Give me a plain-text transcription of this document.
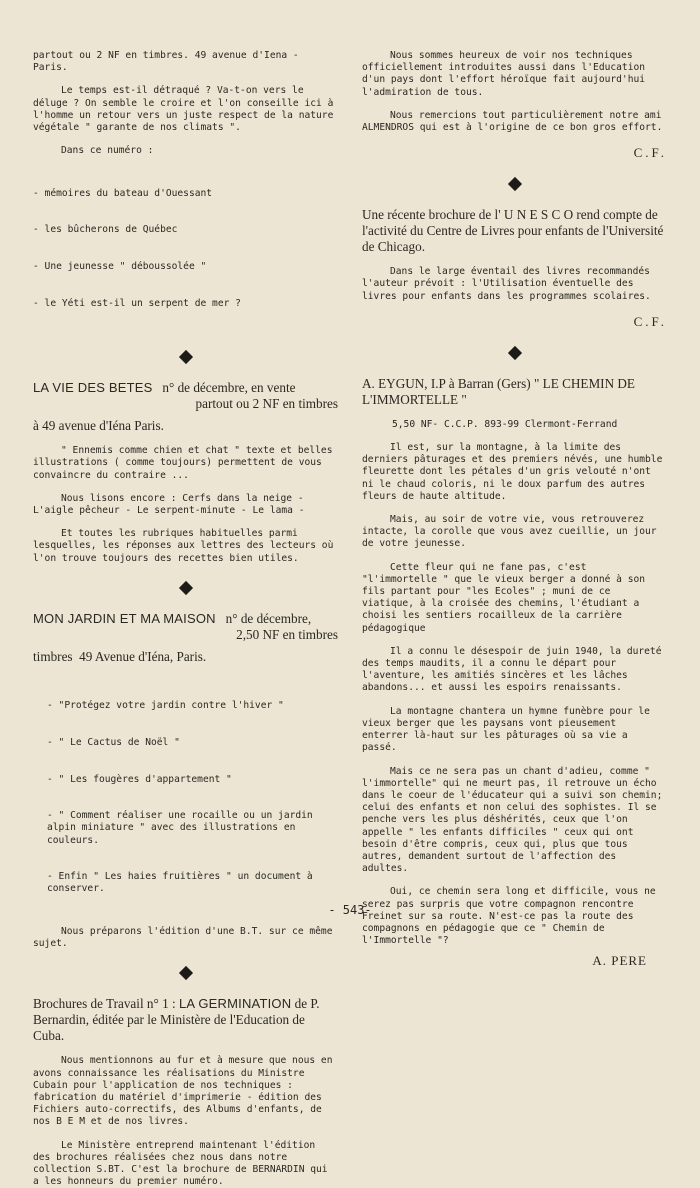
partout ou 2 NF en timbres. 49 avenue d'Iena -

Paris.

Le temps est-il détraqué ? Va-t-on vers le déluge ? On semble le croire et l'on conseille ici à l'homme un retour vers un juste respect de la nature végétale " garante de nos climats ".

Dans ce numéro :

- mémoires du bateau d'Ouessant

- les bûcherons de Québec

- Une jeunesse " déboussolée "

- le Yéti est-il un serpent de mer ?

LA VIE DES BETES n° de décembre, en vente

partout ou 2 NF en timbres

à 49 avenue d'Iéna Paris.

" Ennemis comme chien et chat " texte et belles illustrations ( comme toujours) permettent de vous convaincre du contraire ...

Nous lisons encore : Cerfs dans la neige - L'aigle pêcheur - Le serpent-minute - Le lama -

Et toutes les rubriques habituelles parmi lesquelles, les réponses aux lettres des lecteurs où l'on trouve toujours des recettes bien utiles.

MON JARDIN ET MA MAISON n° de décembre,

2,50 NF en timbres

timbres  49 Avenue d'Iéna, Paris.

- "Protégez votre jardin contre l'hiver "

- " Le Cactus de Noël "

- " Les fougères d'appartement "

- " Comment réaliser une rocaille ou un jardin alpin miniature " avec des illustrations en couleurs.

- Enfin " Les haies fruitières " un document à conserver.

Nous préparons l'édition d'une B.T. sur ce même sujet.

Brochures de Travail n° 1 : LA GERMINATION de P. Bernardin, éditée par le Ministère de l'Education de Cuba.

Nous mentionnons au fur et à mesure que nous en avons connaissance les réalisations du Ministre Cubain pour l'application de nos techniques : fabrication du matériel d'imprimerie - édition des Fichiers auto-correctifs, des Albums d'enfants, de nos B E M et de nos livres.

Le Ministère entreprend maintenant l'édition des brochures réalisées chez nous dans notre collection S.BT. C'est la brochure de BERNARDIN qui a les honneurs du premier numéro.

Nous sommes heureux de voir nos techniques officiellement introduites aussi dans l'Education d'un pays dont l'effort héroïque fait aujourd'hui l'admiration de tous.

Nous remercions tout particulièrement notre ami ALMENDROS qui est à l'origine de ce bon gros effort.

C.F.

Une récente brochure de l' U N E S C O rend compte de l'activité du Centre de Livres pour enfants de l'Université de Chicago.

Dans le large éventail des livres recommandés l'auteur prévoit : l'Utilisation éventuelle des livres pour enfants dans les programmes scolaires.

C.F.

A. EYGUN, I.P à Barran (Gers) " LE CHEMIN DE L'IMMORTELLE "

5,50 NF- C.C.P. 893-99 Clermont-Ferrand

Il est, sur la montagne, à la limite des derniers pâturages et des premiers névés, une humble fleurette dont les pétales d'un gris velouté n'ont ni le chaud coloris, ni le doux parfum des autres fleurs de haute altitude.

Mais, au soir de votre vie, vous retrouverez intacte, la corolle que vous avez cueillie, un jour de votre jeunesse.

Cette fleur qui ne fane pas, c'est "l'immortelle " que le vieux berger a donné à son fils partant pour "les Ecoles" ; muni de ce viatique, à la croisée des chemins, l'étudiant a choisi les sentiers rocailleux de la carrière pédagogique

Il a connu le désespoir de juin 1940, la dureté des temps maudits, il a connu le départ pour l'aventure, les amitiés sincères et les lâches abandons... et aussi les espoirs renaissants.

La montagne chantera un hymne funèbre pour le vieux berger que les paysans vont pieusement enterrer là-haut sur les pâturages où sa vie a passé.

Mais ce ne sera pas un chant d'adieu, comme " l'immortelle" qui ne meurt pas, il retrouve un écho dans le coeur de l'éducateur qui a suivi son chemin; celui des enfants et non celui des sophistes. Il se penche vers les plus déshérités, ceux que l'on appelle " les enfants difficiles " ceux qui ont besoin d'être compris, ceux qui, plus que tous autres, demandent surtout de l'affection des adultes.

Oui, ce chemin sera long et difficile, vous ne serez pas surpris que votre compagnon rencontre Freinet sur sa route. N'est-ce pas la route des compagnons en pédagogie que ce " Chemin de l'Immortelle "?

A. PERE

- 543-
